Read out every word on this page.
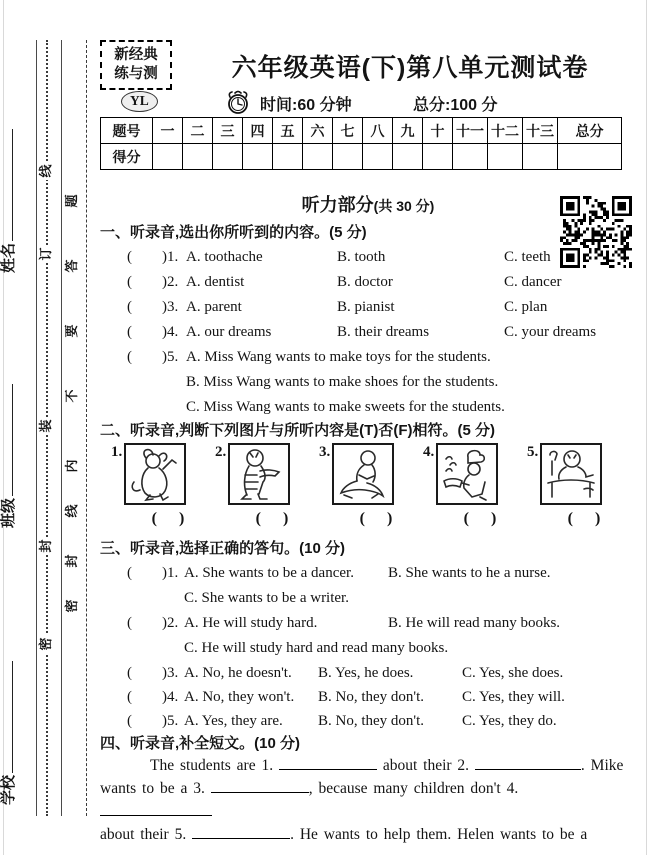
姓名
班级
学校
线
订
装
封
密
题
答
要
不
内
线
封
密
新经典
练与测
YL
六年级英语(下)第八单元测试卷
时间:60 分钟	总分:100 分
题号	一	二	三	四	五	六	七	八	九	十	十一	十二	十三	总分
得分														
听力部分(共 30 分)
一、听录音,选出你所听到的内容。(5 分)
( )1. A. toothache	B. tooth	C. teeth
( )2. A. dentist	B. doctor	C. dancer
( )3. A. parent	B. pianist	C. plan
( )4. A. our dreams	B. their dreams	C. your dreams
( )5. A. Miss Wang wants to make toys for the students.
B. Miss Wang wants to make shoes for the students.
C. Miss Wang wants to make sweets for the students.
二、听录音,判断下列图片与所听内容是(T)否(F)相符。(5 分)
1.	2.	3.	4.	5.
( )	( )	( )	( )	( )
三、听录音,选择正确的答句。(10 分)
( )1. A. She wants to be a dancer. B. She wants to he a nurse.
C. She wants to be a writer.
( )2. A. He will study hard.	B. He will read many books.
C. He will study hard and read many books.
( )3. A. No, he doesn't. B. Yes, he does.	C. Yes, she does.
( )4. A. No, they won't. B. No, they don't.	C. Yes, they will.
( )5. A. Yes, they are. B. No, they don't.	C. Yes, they do.
四、听录音,补全短文。(10 分)
The students are 1.	about their 2.	. Mike
wants to be a 3.	, because many children don't 4.
about their 5.	. He wants to help them. Helen wants to be a
